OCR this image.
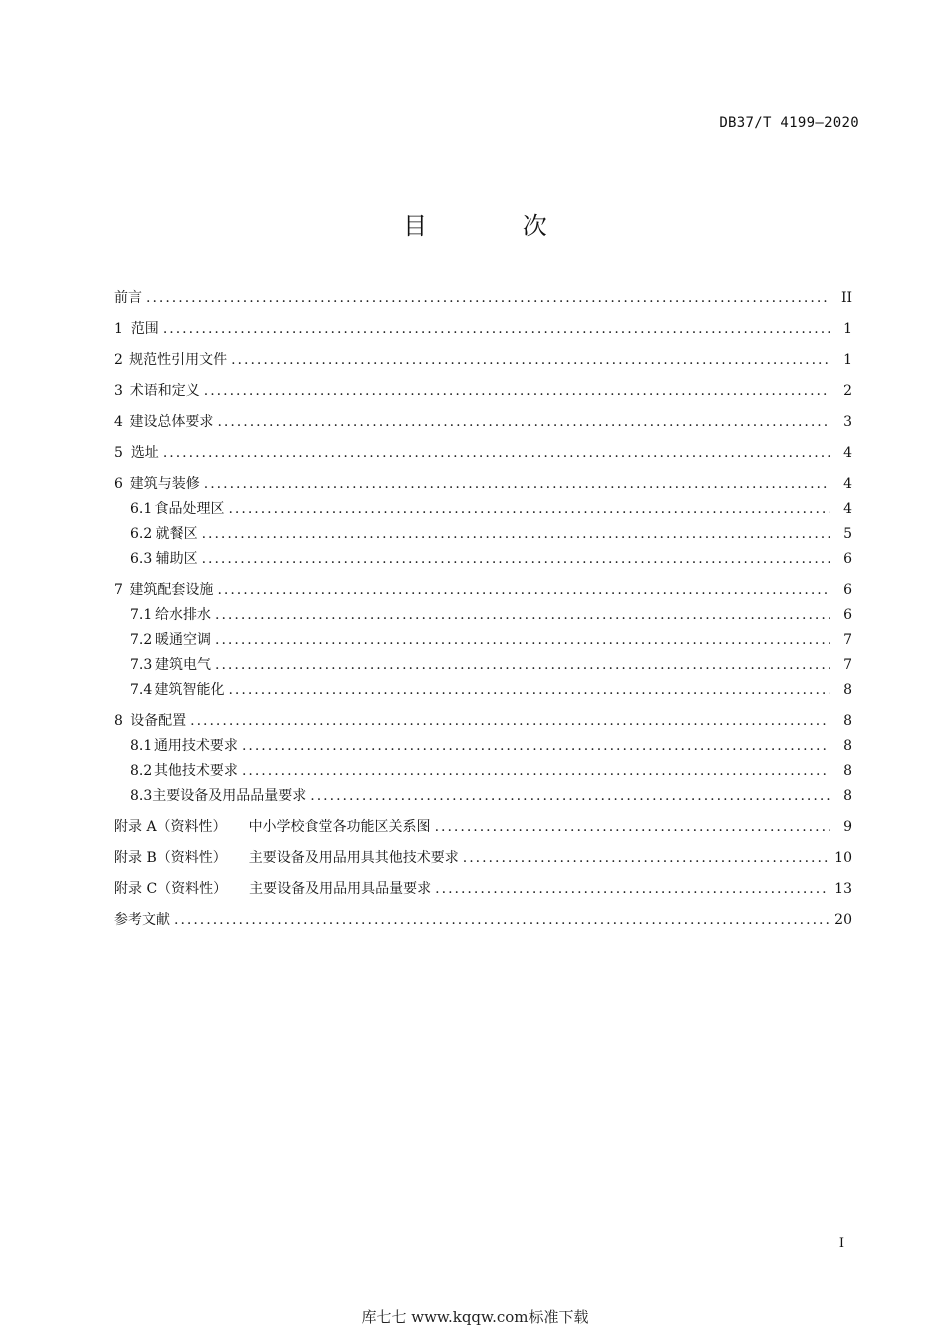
DB37/T 4199—2020
目 次
前言 .....	II
1 范围 .....	1
2 规范性引用文件 .....	1
3 术语和定义 .....	2
4 建设总体要求 .....	3
5 选址 .....	4
6 建筑与装修 .....	4
6.1 食品处理区 .....	4
6.2 就餐区 .....	5
6.3 辅助区 .....	6
7 建筑配套设施 .....	6
7.1 给水排水 .....	6
7.2 暖通空调 .....	7
7.3 建筑电气 .....	7
7.4 建筑智能化 .....	8
8 设备配置 .....	8
8.1 通用技术要求 .....	8
8.2 其他技术要求 .....	8
8.3 主要设备及用品品量要求 .....	8
附录 A（资料性） 中小学校食堂各功能区关系图 .....	9
附录 B（资料性） 主要设备及用品用具其他技术要求 .....	10
附录 C（资料性） 主要设备及用品用具品量要求 .....	13
参考文献 .....	20
I
库七七 www.kqqw.com标准下载
